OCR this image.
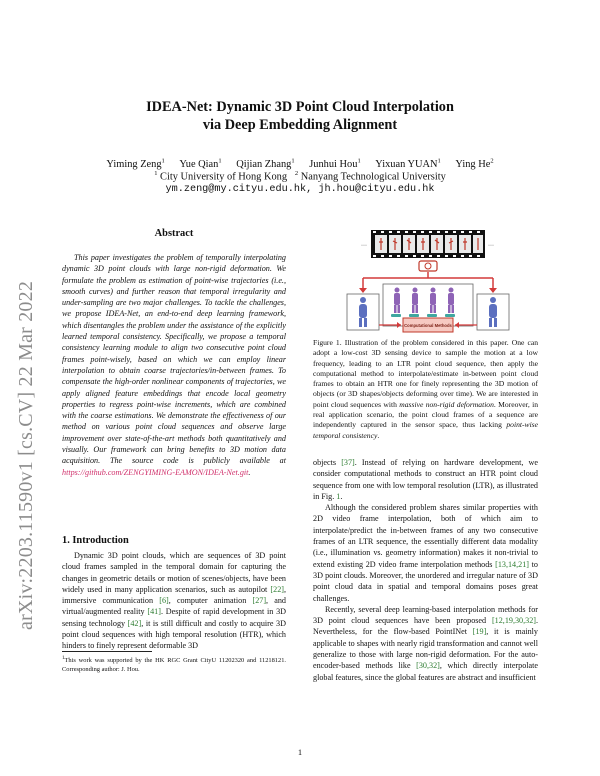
arXiv:2203.11590v1 [cs.CV] 22 Mar 2022
IDEA-Net: Dynamic 3D Point Cloud Interpolation
via Deep Embedding Alignment
Yiming Zeng$^1$ Yue Qian$^1$ Qijian Zhang$^1$ Junhui Hou$^1$ Yixuan YUAN$^1$ Ying He$^2$
$^1$ City University of Hong Kong $^2$ Nanyang Technological University
ym.zeng@my.cityu.edu.hk, jh.hou@cityu.edu.hk
Abstract
This paper investigates the problem of temporally interpolating dynamic 3D point clouds with large non-rigid deformation. We formulate the problem as estimation of point-wise trajectories (i.e., smooth curves) and further reason that temporal irregularity and under-sampling are two major challenges. To tackle the challenges, we propose IDEA-Net, an end-to-end deep learning framework, which disentangles the problem under the assistance of the explicitly learned temporal consistency. Specifically, we propose a temporal consistency learning module to align two consecutive point cloud frames point-wisely, based on which we can employ linear interpolation to obtain coarse trajectories/in-between frames. To compensate the high-order nonlinear components of trajectories, we apply aligned feature embeddings that encode local geometry properties to regress point-wise increments, which are combined with the coarse estimations. We demonstrate the effectiveness of our method on various point cloud sequences and observe large improvement over state-of-the-art methods both quantitatively and visually. Our framework can bring benefits to 3D motion data acquisition. The source code is publicly available at https://github.com/ZENGYIMING-EAMON/IDEA-Net.git.
1. Introduction
Dynamic 3D point clouds, which are sequences of 3D point cloud frames sampled in the temporal domain for capturing the changes in geometric details or motion of scenes/objects, have been widely used in many application scenarios, such as autopilot [22], immersive communication [6], computer animation [27], and virtual/augmented reality [41]. Despite of rapid development in 3D sensing technology [42], it is still difficult and costly to acquire 3D point cloud sequences with high temporal resolution (HTR), which hinders to finely represent deformable 3D
$^1$This work was supported by the HK RGC Grant CityU 11202320 and 11218121. Corresponding author: J. Hou.
···	···
Computational Methods
Figure 1. Illustration of the problem considered in this paper. One can adopt a low-cost 3D sensing device to sample the motion at a low frequency, leading to an LTR point cloud sequence, then apply the computational method to interpolate/estimate in-between point cloud frames to obtain an HTR one for finely representing the 3D motion of objects (or 3D shapes/objects deforming over time). We are interested in point cloud sequences with massive non-rigid deformation. Moreover, in real application scenario, the point cloud frames of a sequence are independently captured in the sensor space, thus lacking point-wise temporal consistency.

objects [37]. Instead of relying on hardware development, we consider computational methods to construct an HTR point cloud sequence from one with low temporal resolution (LTR), as illustrated in Fig. 1.

Although the considered problem shares similar properties with 2D video frame interpolation, both of which aim to interpolate/predict the in-between frames of any two consecutive frames of an LTR sequence, the essentially different data modality (i.e., illumination vs. geometry information) makes it non-trivial to extend existing 2D video frame interpolation methods [13,14,21] to 3D point clouds. Moreover, the unordered and irregular nature of 3D point cloud data in spatial and temporal domains poses great challenges.

Recently, several deep learning-based interpolation methods for 3D point cloud sequences have been proposed [12,19,30,32]. Nevertheless, for the flow-based PointINet [19], it is mainly applicable to shapes with nearly rigid transformation and cannot well generalize to those with large non-rigid deformation. For the auto-encoder-based methods like [30,32], which directly interpolate global features, since the global features are abstract and insufficient

1
